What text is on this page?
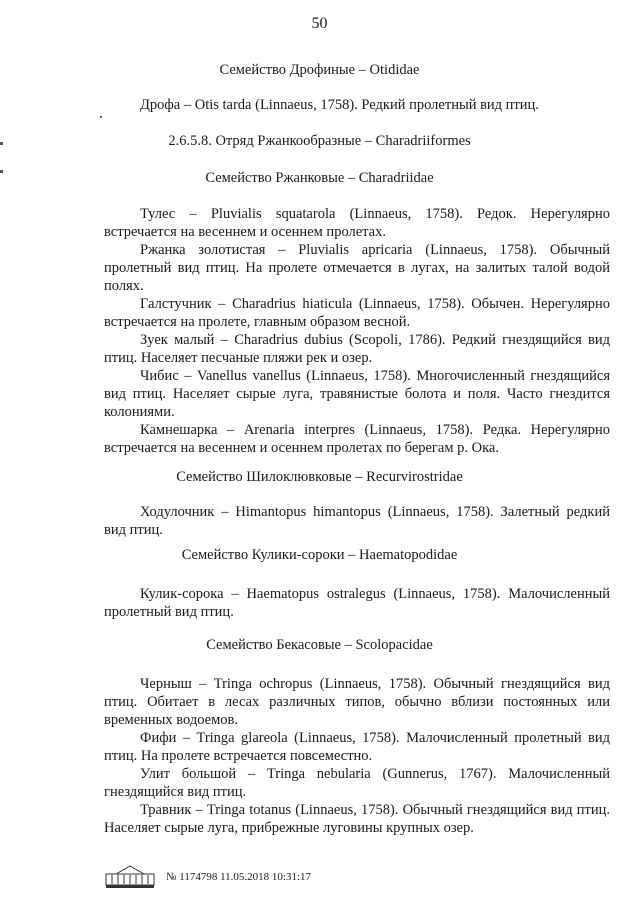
50
Семейство Дрофиные – Otididae

Дрофа – Otis tarda (Linnaeus, 1758). Редкий пролетный вид птиц.

2.6.5.8. Отряд Ржанкообразные – Charadriiformes
Семейство Ржанковые – Charadriidae

Тулес – Pluvialis squatarola (Linnaeus, 1758). Редок. Нерегулярно встречается на весеннем и осеннем пролетах.

Ржанка золотистая – Pluvialis apricaria (Linnaeus, 1758). Обычный пролетный вид птиц. На пролете отмечается в лугах, на залитых талой водой полях.

Галстучник – Charadrius hiaticula (Linnaeus, 1758). Обычен. Нерегулярно встречается на пролете, главным образом весной.

Зуек малый – Charadrius dubius (Scopoli, 1786). Редкий гнездящийся вид птиц. Населяет песчаные пляжи рек и озер.

Чибис – Vanellus vanellus (Linnaeus, 1758). Многочисленный гнездящийся вид птиц. Населяет сырые луга, травянистые болота и поля. Часто гнездится колониями.

Камнешарка – Arenaria interpres (Linnaeus, 1758). Редка. Нерегулярно встречается на весеннем и осеннем пролетах по берегам р. Ока.

Семейство Шилоклювковые – Recurvirostridae

Ходулочник – Himantopus himantopus (Linnaeus, 1758). Залетный редкий вид птиц.

Семейство Кулики-сороки – Haematopodidae

Кулик-сорока – Haematopus ostralegus (Linnaeus, 1758). Малочисленный пролетный вид птиц.

Семейство Бекасовые – Scolopacidae

Черныш – Tringa ochropus (Linnaeus, 1758). Обычный гнездящийся вид птиц. Обитает в лесах различных типов, обычно вблизи постоянных или временных водоемов.

Фифи – Tringa glareola (Linnaeus, 1758). Малочисленный пролетный вид птиц. На пролете встречается повсеместно.

Улит большой – Tringa nebularia (Gunnerus, 1767). Малочисленный гнездящийся вид птиц.

Травник – Tringa totanus (Linnaeus, 1758). Обычный гнездящийся вид птиц. Населяет сырые луга, прибрежные луговины крупных озер.

№ 1174798 11.05.2018 10:31:17
